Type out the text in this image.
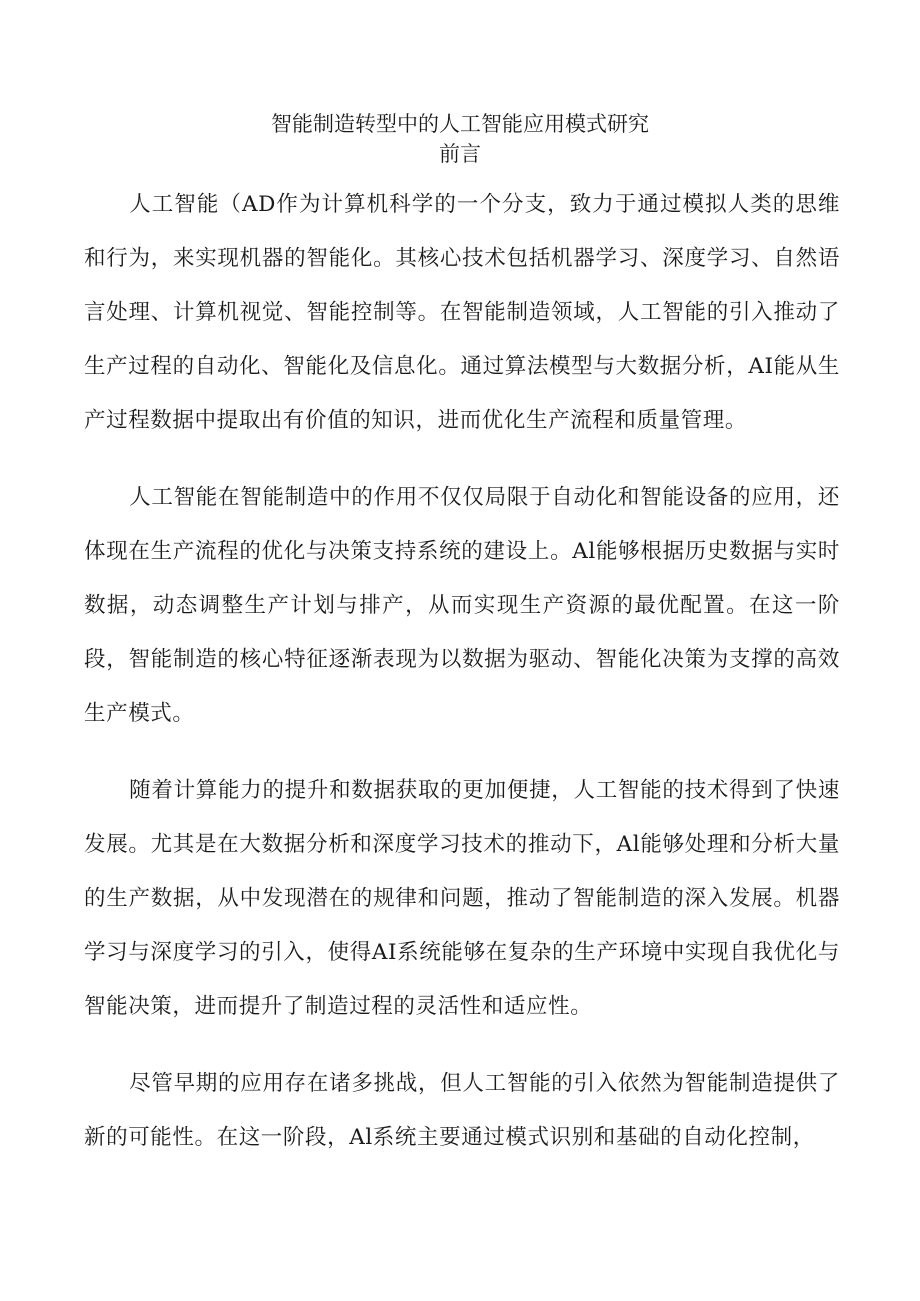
智能制造转型中的人工智能应用模式研究
前言

人工智能（AD作为计算机科学的一个分支，致力于通过模拟人类的思维和行为，来实现机器的智能化。其核心技术包括机器学习、深度学习、自然语言处理、计算机视觉、智能控制等。在智能制造领域，人工智能的引入推动了生产过程的自动化、智能化及信息化。通过算法模型与大数据分析，AI能从生产过程数据中提取出有价值的知识，进而优化生产流程和质量管理。

人工智能在智能制造中的作用不仅仅局限于自动化和智能设备的应用，还体现在生产流程的优化与决策支持系统的建设上。Al能够根据历史数据与实时数据，动态调整生产计划与排产，从而实现生产资源的最优配置。在这一阶段，智能制造的核心特征逐渐表现为以数据为驱动、智能化决策为支撑的高效生产模式。

随着计算能力的提升和数据获取的更加便捷，人工智能的技术得到了快速发展。尤其是在大数据分析和深度学习技术的推动下，Al能够处理和分析大量的生产数据，从中发现潜在的规律和问题，推动了智能制造的深入发展。机器学习与深度学习的引入，使得AI系统能够在复杂的生产环境中实现自我优化与智能决策，进而提升了制造过程的灵活性和适应性。

尽管早期的应用存在诸多挑战，但人工智能的引入依然为智能制造提供了新的可能性。在这一阶段，Al系统主要通过模式识别和基础的自动化控制，
